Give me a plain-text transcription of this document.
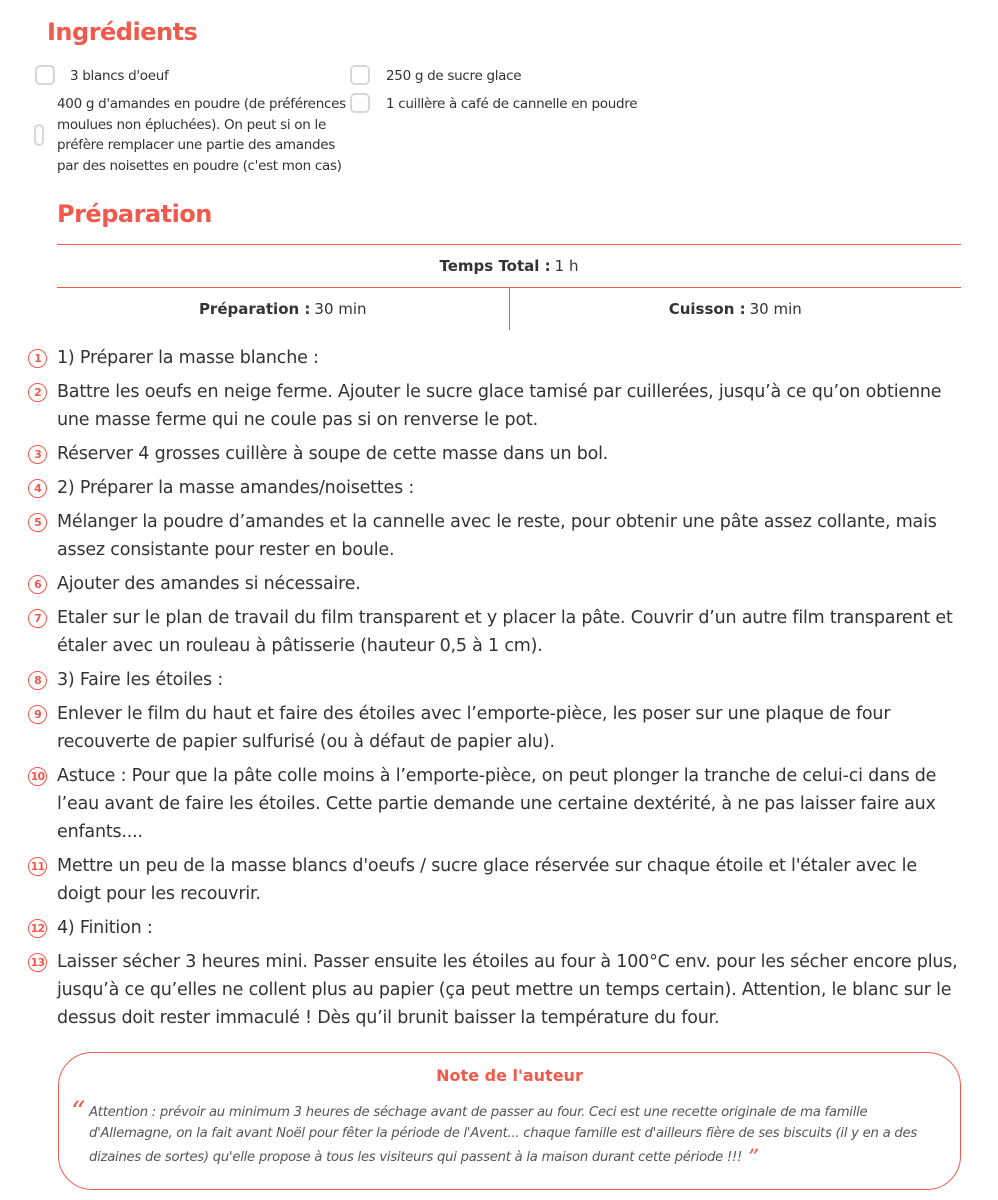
Ingrédients
3 blancs d'oeuf	250 g de sucre glace
400 g d'amandes en poudre (de préférences moulues non épluchées). On peut si on le préfère remplacer une partie des amandes par des noisettes en poudre (c'est mon cas)
1 cuillère à café de cannelle en poudre
Préparation
Temps Total : 1 h
Préparation : 30 min	Cuisson : 30 min
1 1) Préparer la masse blanche :
2 Battre les oeufs en neige ferme. Ajouter le sucre glace tamisé par cuillerées, jusqu’à ce qu’on obtienne une masse ferme qui ne coule pas si on renverse le pot.
3 Réserver 4 grosses cuillère à soupe de cette masse dans un bol.
4 2) Préparer la masse amandes/noisettes :
5 Mélanger la poudre d’amandes et la cannelle avec le reste, pour obtenir une pâte assez collante, mais assez consistante pour rester en boule.
6 Ajouter des amandes si nécessaire.
7 Etaler sur le plan de travail du film transparent et y placer la pâte. Couvrir d’un autre film transparent et étaler avec un rouleau à pâtisserie (hauteur 0,5 à 1 cm).
8 3) Faire les étoiles :
9 Enlever le film du haut et faire des étoiles avec l’emporte-pièce, les poser sur une plaque de four recouverte de papier sulfurisé (ou à défaut de papier alu).
10 Astuce : Pour que la pâte colle moins à l’emporte-pièce, on peut plonger la tranche de celui-ci dans de l’eau avant de faire les étoiles. Cette partie demande une certaine dextérité, à ne pas laisser faire aux enfants....
11 Mettre un peu de la masse blancs d'oeufs / sucre glace réservée sur chaque étoile et l'étaler avec le doigt pour les recouvrir.
12 4) Finition :
13 Laisser sécher 3 heures mini. Passer ensuite les étoiles au four à 100°C env. pour les sécher encore plus, jusqu’à ce qu’elles ne collent plus au papier (ça peut mettre un temps certain). Attention, le blanc sur le dessus doit rester immaculé ! Dès qu’il brunit baisser la température du four.
Note de l'auteur
“ Attention : prévoir au minimum 3 heures de séchage avant de passer au four. Ceci est une recette originale de ma famille d'Allemagne, on la fait avant Noël pour fêter la période de l'Avent... chaque famille est d'ailleurs fière de ses biscuits (il y en a des dizaines de sortes) qu'elle propose à tous les visiteurs qui passent à la maison durant cette période !!! ”
